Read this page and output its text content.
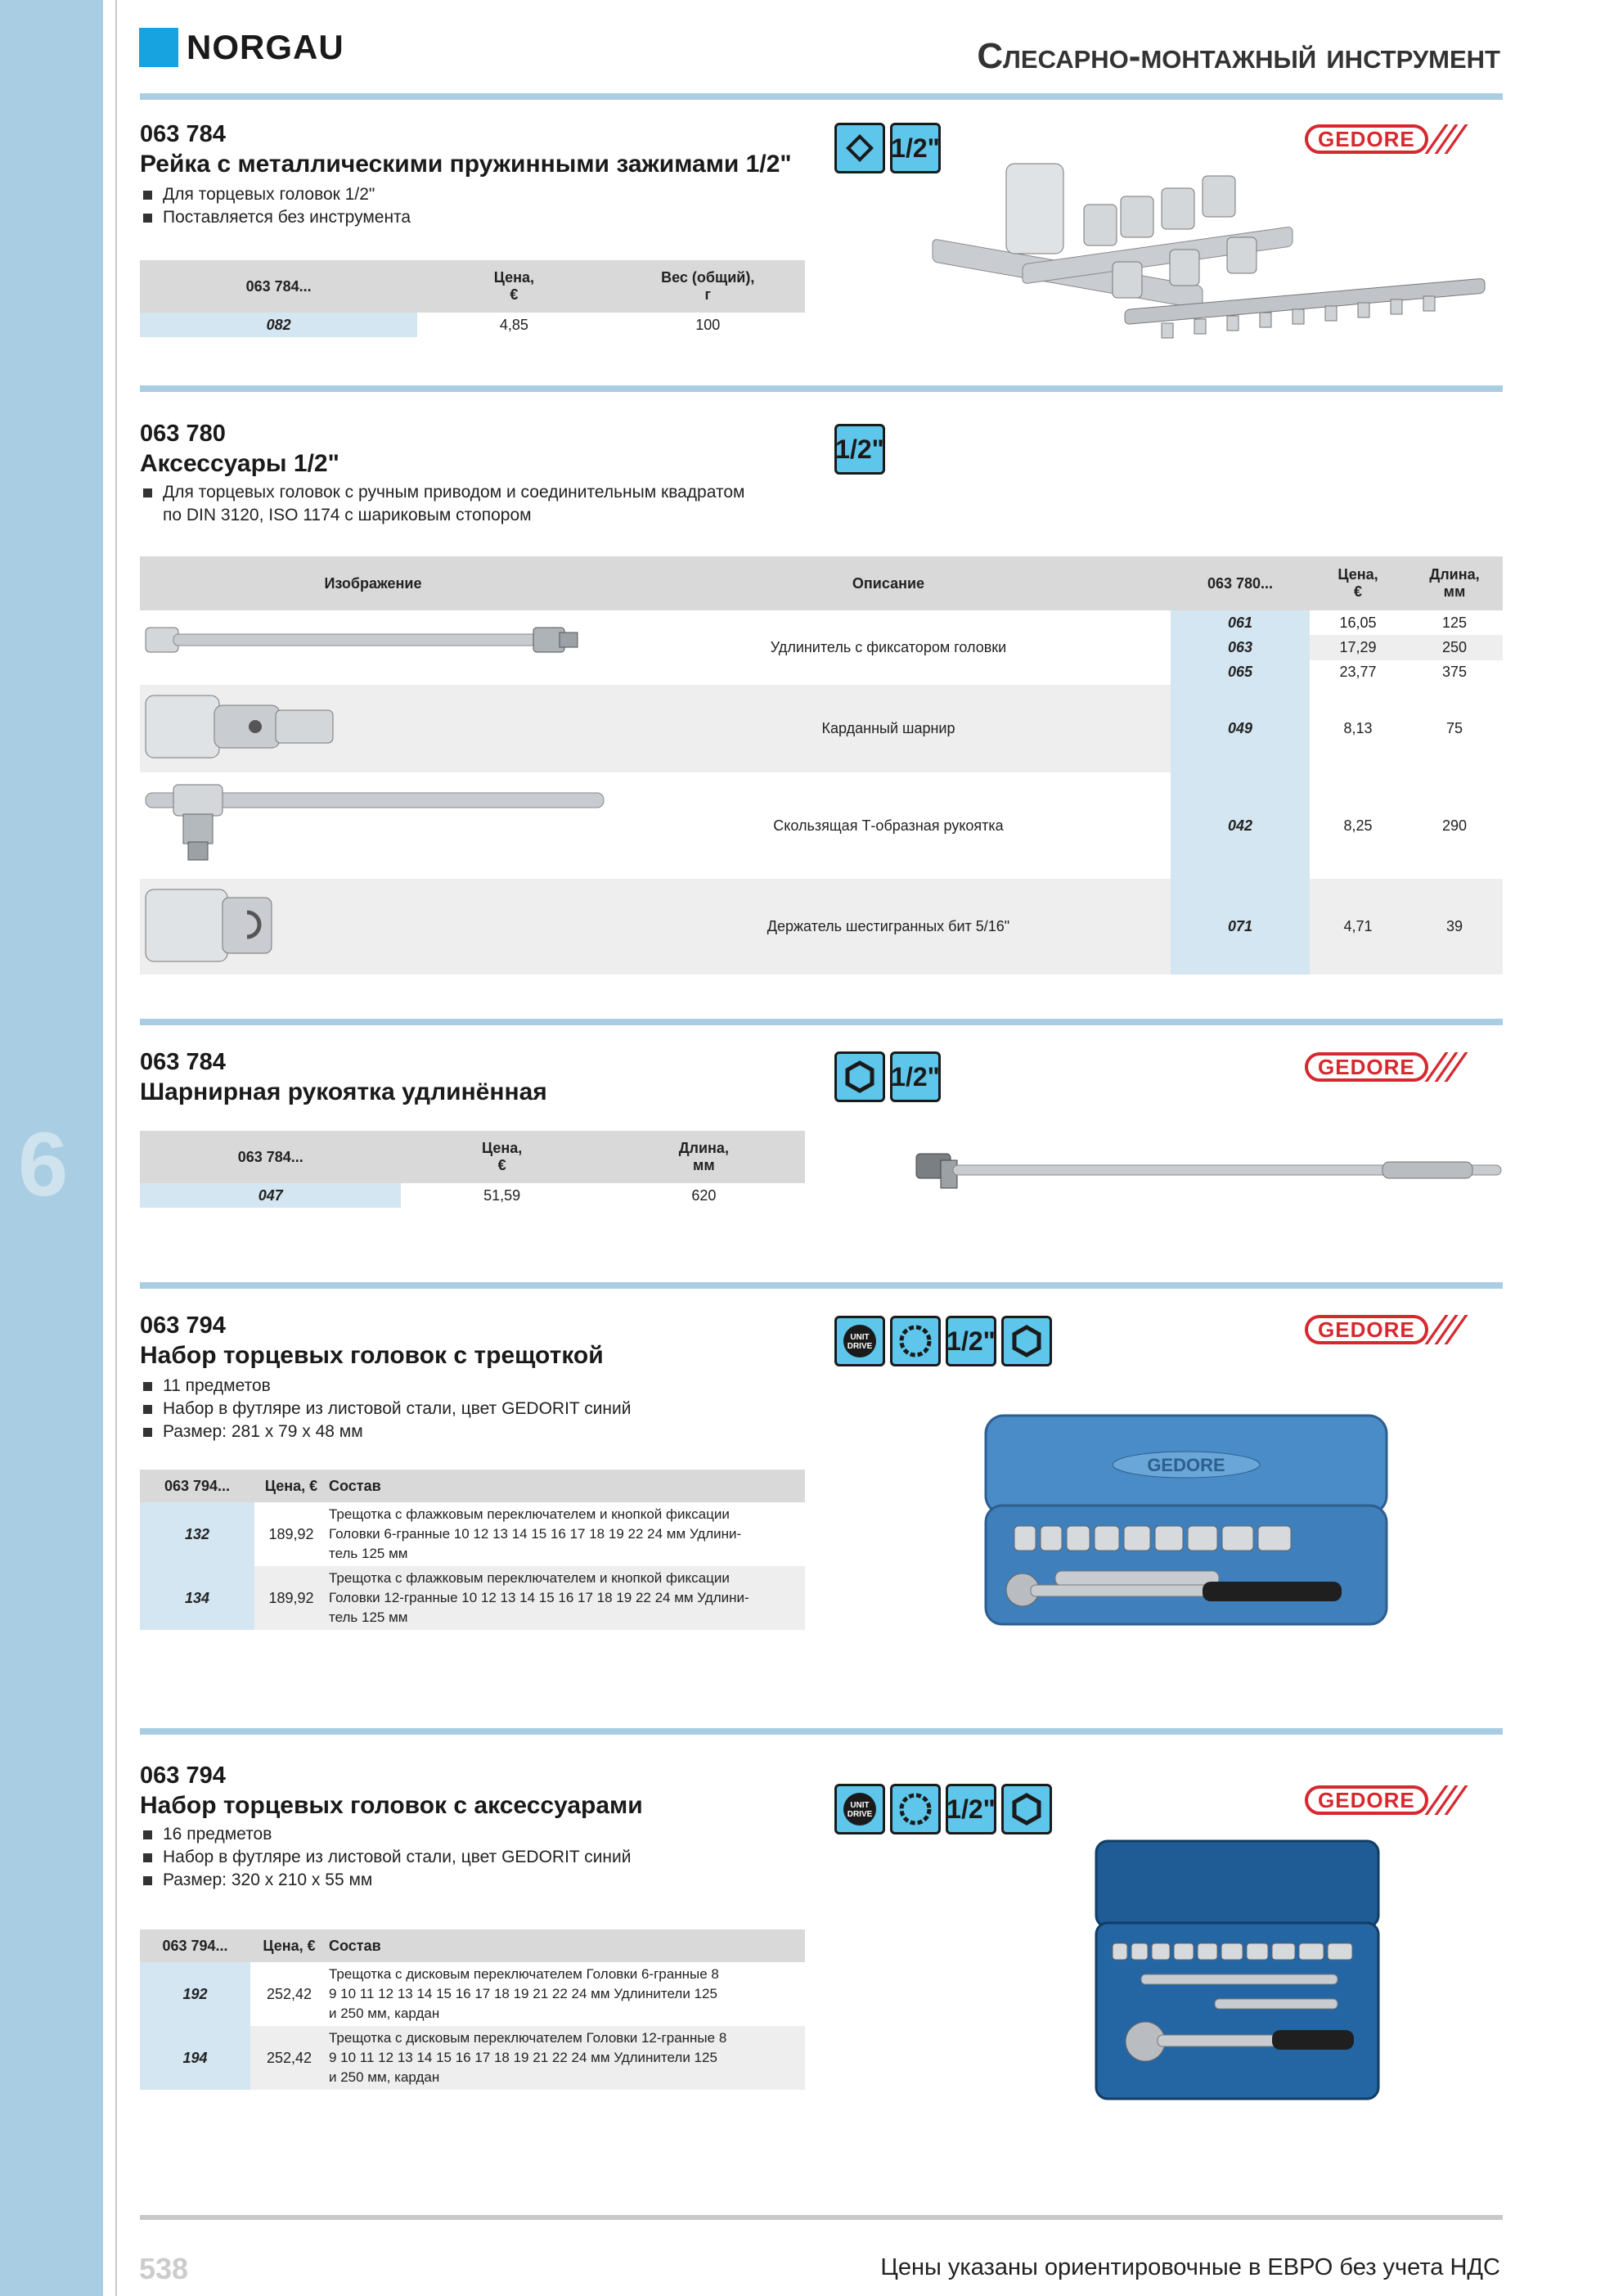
6
NORGAU	Слесарно-монтажный инструмент
063 784
Рейка с металлическими пружинными зажимами 1/2"
Для торцевых головок 1/2"
Поставляется без инструмента
063 784...	Цена,
€	Вес (общий),
г
082	4,85	100
1/2"	GEDORE
063 780
Аксессуары 1/2"
Для торцевых головок с ручным приводом и соединительным квадратом
по DIN 3120, ISO 1174 с шариковым стопором
1/2"
Изображение	Описание	063 780...	Цена,
€	Длина,
мм
	Удлинитель с фиксатором головки	061	16,05	125
		063	17,29	250
		065	23,77	375
	Карданный шарнир	049	8,13	75
	Скользящая Т-образная рукоятка	042	8,25	290
	Держатель шестигранных бит 5/16"	071	4,71	39
063 784
Шарнирная рукоятка удлинённая
063 784...	Цена,
€	Длина,
мм
047	51,59	620
1/2"	GEDORE
063 794
Набор торцевых головок с трещоткой
11 предметов
Набор в футляре из листовой стали, цвет GEDORIT синий
Размер: 281 x 79 x 48 мм
063 794...	Цена, €	Состав
132	189,92	Трещотка с флажковым переключателем и кнопкой фиксации
Головки 6-гранные 10 12 13 14 15 16 17 18 19 22 24 мм Удлини-
тель 125 мм

134	189,92	Трещотка с флажковым переключателем и кнопкой фиксации
Головки 12-гранные 10 12 13 14 15 16 17 18 19 22 24 мм Удлини-
тель 125 мм
UNIT
DRIVE	1/2"	GEDORE
GEDORE
063 794
Набор торцевых головок с аксессуарами
16 предметов
Набор в футляре из листовой стали, цвет GEDORIT синий
Размер: 320 x 210 x 55 мм
063 794...	Цена, €	Состав
192	252,42	Трещотка с дисковым переключателем Головки 6-гранные 8
9 10 11 12 13 14 15 16 17 18 19 21 22 24 мм Удлинители 125
и 250 мм, кардан

194	252,42	Трещотка с дисковым переключателем Головки 12-гранные 8
9 10 11 12 13 14 15 16 17 18 19 21 22 24 мм Удлинители 125
и 250 мм, кардан
UNIT
DRIVE	1/2"	GEDORE
538	Цены указаны ориентировочные в ЕВРО без учета НДС
